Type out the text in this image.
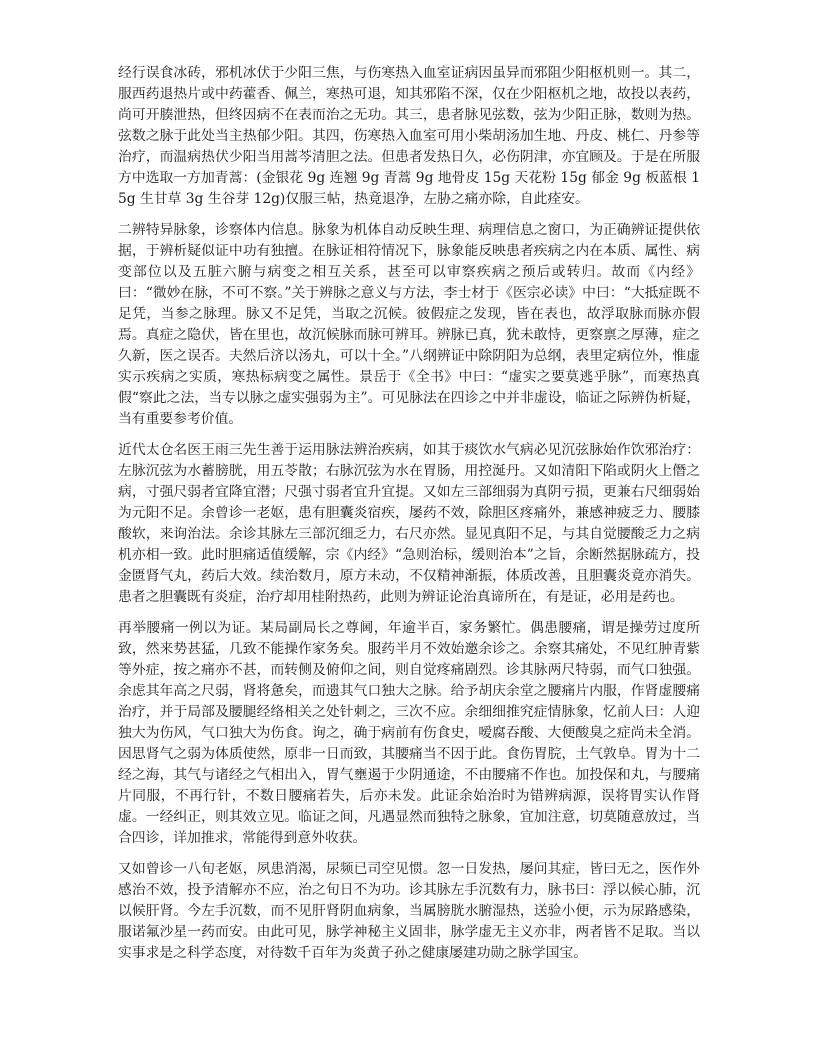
经行误食冰砖，邪机冰伏于少阳三焦，与伤寒热入血室证病因虽异而邪阻少阳枢机则一。其二，服西药退热片或中药藿香、佩兰，寒热可退，知其邪陷不深，仅在少阳枢机之地，故投以表药，尚可开腠泄热，但终因病不在表而治之无功。其三，患者脉见弦数，弦为少阳正脉，数则为热。弦数之脉于此处当主热郁少阳。其四，伤寒热入血室可用小柴胡汤加生地、丹皮、桃仁、丹参等治疗，而温病热伏少阳当用蒿芩清胆之法。但患者发热日久，必伤阴津，亦宜顾及。于是在所服方中选取一方加青蒿：(金银花 9g 连翘 9g 青蒿 9g 地骨皮 15g 天花粉 15g 郁金 9g 板蓝根 15g 生甘草 3g 生谷芽 12g)仅服三帖，热竟退净，左胁之痛亦除，自此痊安。

二辨特异脉象，诊察体内信息。脉象为机体自动反映生理、病理信息之窗口，为正确辨证提供依据，于辨析疑似证中功有独擅。在脉证相符情况下，脉象能反映患者疾病之内在本质、属性、病变部位以及五脏六腑与病变之相互关系，甚至可以审察疾病之预后或转归。故而《内经》曰：“微妙在脉，不可不察。”关于辨脉之意义与方法，李士材于《医宗必读》中曰：“大抵症既不足凭，当参之脉理。脉又不足凭，当取之沉候。彼假症之发现，皆在表也，故浮取脉而脉亦假焉。真症之隐伏，皆在里也，故沉候脉而脉可辨耳。辨脉已真，犹未敢恃，更察禀之厚薄，症之久新，医之误否。夫然后济以汤丸，可以十全。”八纲辨证中除阴阳为总纲，表里定病位外，惟虚实示疾病之实质，寒热标病变之属性。景岳于《全书》中曰：“虚实之要莫逃乎脉”，而寒热真假“察此之法，当专以脉之虚实强弱为主”。可见脉法在四诊之中并非虚设，临证之际辨伪析疑，当有重要参考价值。

近代太仓名医王雨三先生善于运用脉法辨治疾病，如其于痰饮水气病必见沉弦脉始作饮邪治疗：左脉沉弦为水蓄膀胱，用五苓散；右脉沉弦为水在胃肠，用控涎丹。又如清阳下陷或阴火上僭之病，寸强尺弱者宜降宜潜；尺强寸弱者宜升宜提。又如左三部细弱为真阴亏损，更兼右尺细弱始为元阳不足。余曾诊一老妪，患有胆囊炎宿疾，屡药不效，除胆区疼痛外，兼感神疲乏力、腰膝酸软，来询治法。余诊其脉左三部沉细乏力，右尺亦然。显见真阳不足，与其自觉腰酸乏力之病机亦相一致。此时胆痛适值缓解，宗《内经》“急则治标，缓则治本”之旨，余断然据脉疏方，投金匮肾气丸，药后大效。续治数月，原方未动，不仅精神渐振，体质改善，且胆囊炎竟亦消失。患者之胆囊既有炎症，治疗却用桂附热药，此则为辨证论治真谛所在，有是证，必用是药也。

再举腰痛一例以为证。某局副局长之尊阃，年逾半百，家务繁忙。偶患腰痛，谓是操劳过度所致，然来势甚猛，几致不能操作家务矣。服药半月不效始邀余诊之。余察其痛处，不见红肿青紫等外症，按之痛亦不甚，而转侧及俯仰之间，则自觉疼痛剧烈。诊其脉两尺特弱，而气口独强。余虑其年高之尺弱，肾将惫矣，而遗其气口独大之脉。给予胡庆余堂之腰痛片内服，作肾虚腰痛治疗，并于局部及腰腿经络相关之处针刺之，三次不应。余细细推究症情脉象，忆前人曰：人迎独大为伤风，气口独大为伤食。询之，确于病前有伤食史，嗳腐吞酸、大便酸臭之症尚未全消。因思肾气之弱为体质使然，原非一日而致，其腰痛当不因于此。食伤胃脘，土气敦阜。胃为十二经之海，其气与诸经之气相出入，胃气壅遏于少阴通途，不由腰痛不作也。加投保和丸，与腰痛片同服，不再行针，不数日腰痛若失，后亦未发。此证余始治时为错辨病源，误将胃实认作肾虚。一经纠正，则其效立见。临证之间，凡遇显然而独特之脉象，宜加注意，切莫随意放过，当合四诊，详加推求，常能得到意外收获。

又如曾诊一八旬老妪，夙患消渴，尿频已司空见惯。忽一日发热，屡问其症，皆曰无之，医作外感治不效，投予清解亦不应，治之旬日不为功。诊其脉左手沉数有力，脉书曰：浮以候心肺，沉以候肝肾。今左手沉数，而不见肝肾阴血病象，当属膀胱水腑湿热，送验小便，示为尿路感染，服诺氟沙星一药而安。由此可见，脉学神秘主义固非，脉学虚无主义亦非，两者皆不足取。当以实事求是之科学态度，对待数千百年为炎黄子孙之健康屡建功勋之脉学国宝。
